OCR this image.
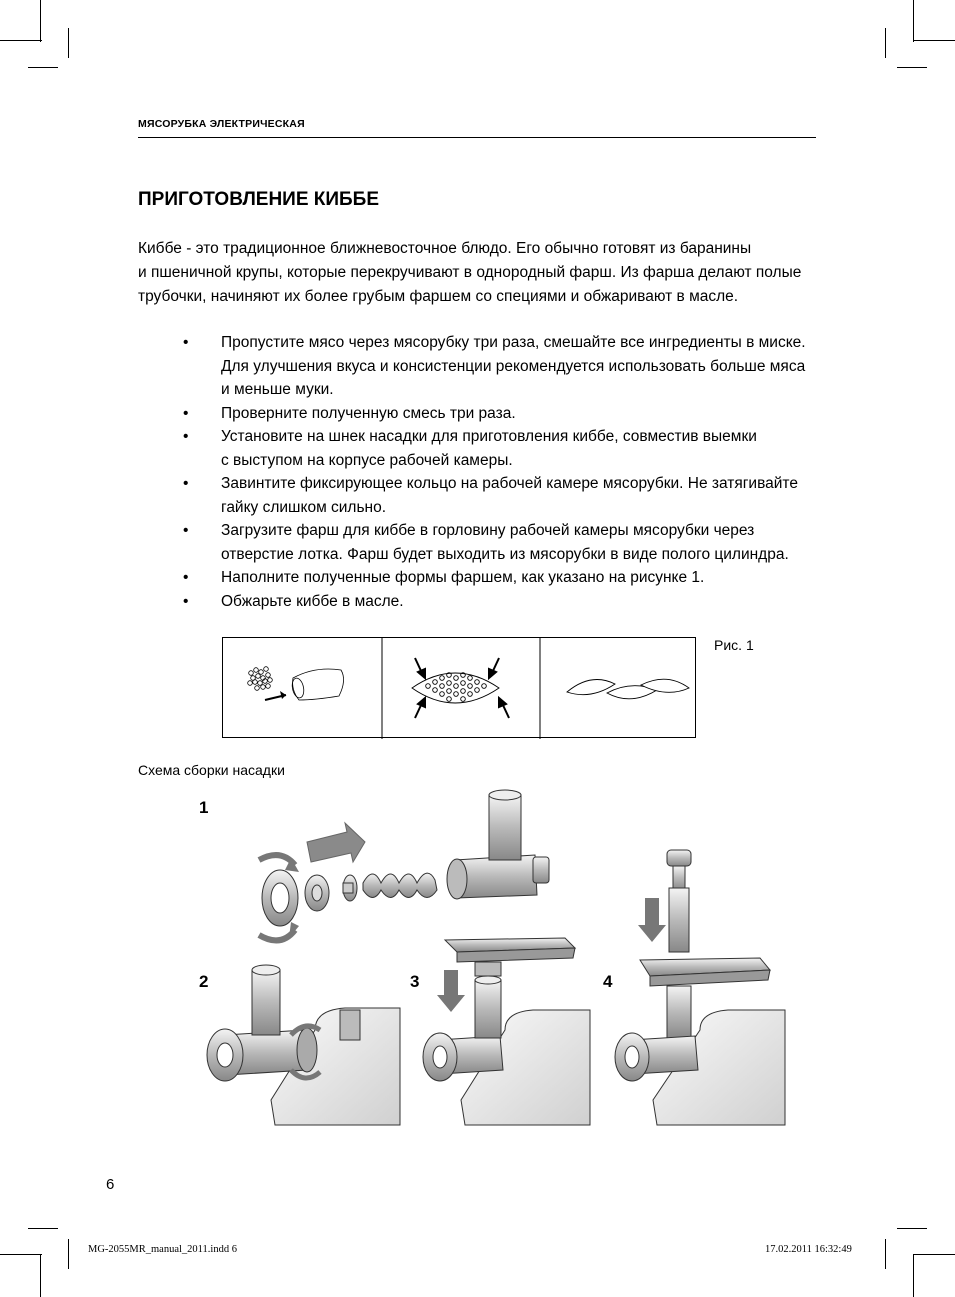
МЯСОРУБКА ЭЛЕКТРИЧЕСКАЯ
ПРИГОТОВЛЕНИЕ КИББЕ
Киббе - это традиционное ближневосточное блюдо. Его обычно готовят из баранины
и пшеничной крупы, которые перекручивают в однородный фарш. Из фарша делают полые
трубочки, начиняют их более грубым фаршем со специями и обжаривают в масле.
• Пропустите мясо через мясорубку три раза, смешайте все ингредиенты в миске.
Для улучшения вкуса и консистенции рекомендуется использовать больше мяса
и меньше муки.
• Проверните полученную смесь три раза.
• Установите на шнек насадки для приготовления киббе, совместив выемки
с выступом на корпусе рабочей камеры.
• Завинтите фиксирующее кольцо на рабочей камере мясорубки. Не затягивайте
гайку слишком сильно.
• Загрузите фарш для киббе в горловину рабочей камеры мясорубки через
отверстие лотка. Фарш будет выходить из мясорубки в виде полого цилиндра.
• Наполните полученные формы фаршем, как указано на рисунке 1.
• Обжарьте киббе в масле.
Рис. 1
Схема сборки насадки
1
2	3	4
6
MG-2055MR_manual_2011.indd 6	17.02.2011 16:32:49
